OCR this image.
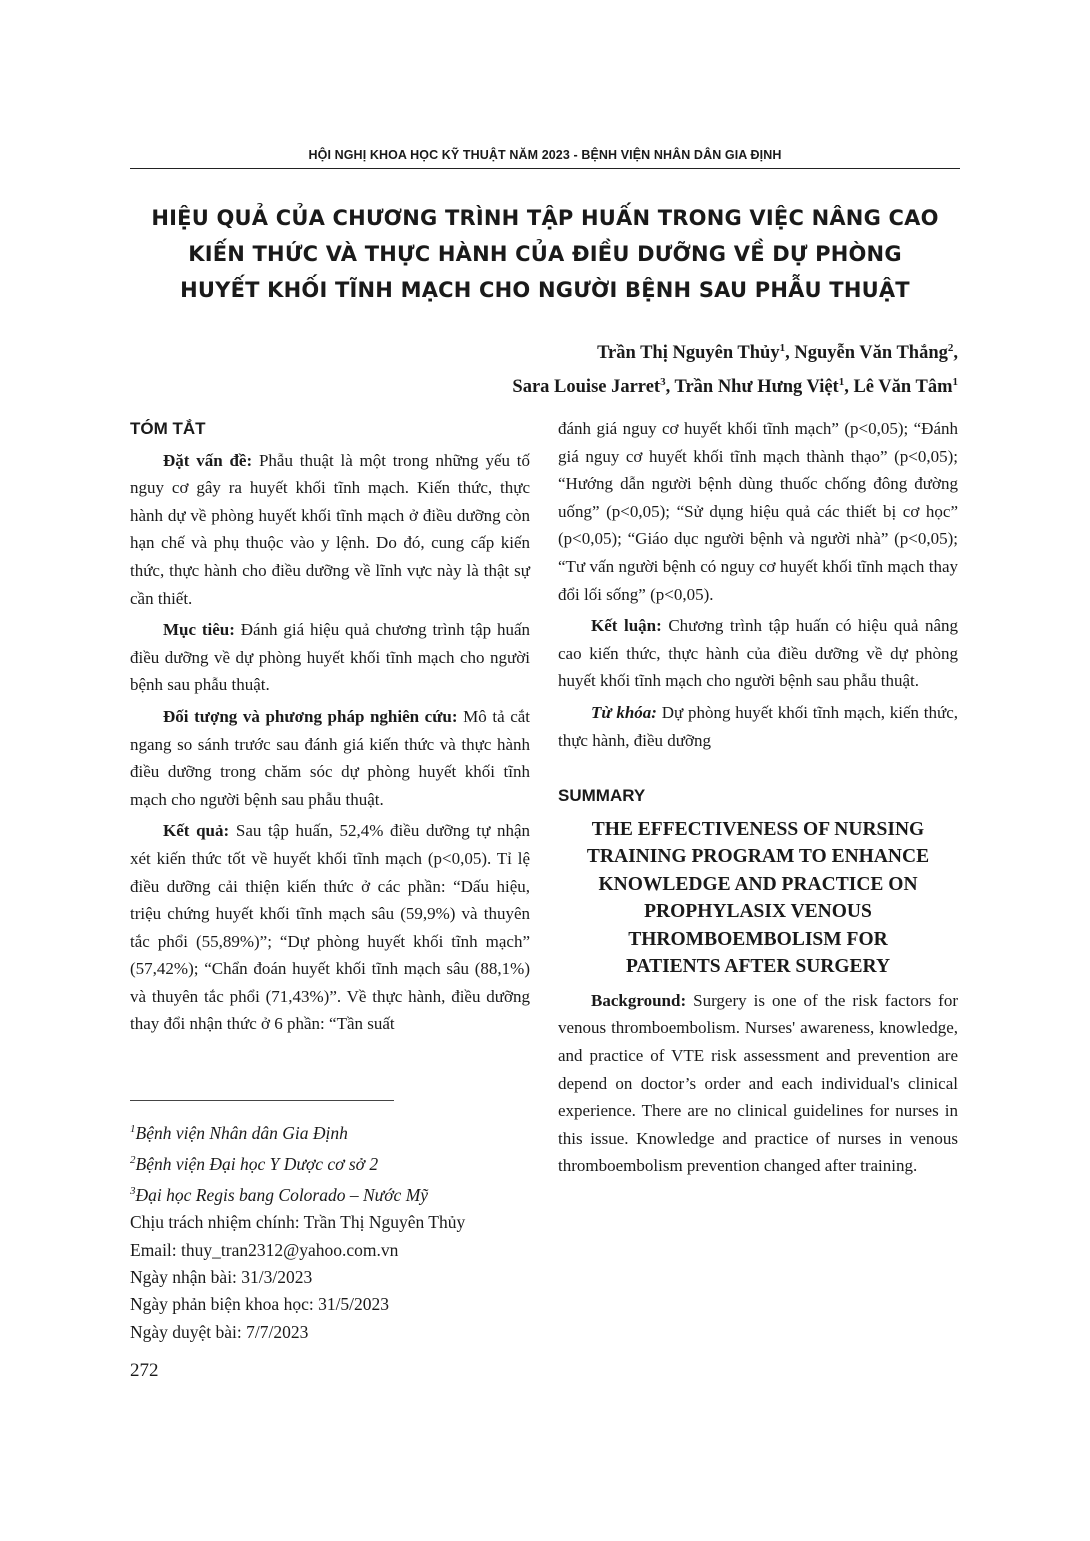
HỘI NGHỊ KHOA HỌC KỸ THUẬT NĂM 2023 - BỆNH VIỆN NHÂN DÂN GIA ĐỊNH
HIỆU QUẢ CỦA CHƯƠNG TRÌNH TẬP HUẤN TRONG VIỆC NÂNG CAO
KIẾN THỨC VÀ THỰC HÀNH CỦA ĐIỀU DƯỠNG VỀ DỰ PHÒNG
HUYẾT KHỐI TĨNH MẠCH CHO NGƯỜI BỆNH SAU PHẪU THUẬT
Trần Thị Nguyên Thủy$^1$, Nguyễn Văn Thắng$^2$,
Sara Louise Jarret$^3$, Trần Như Hưng Việt$^1$, Lê Văn Tâm$^1$
TÓM TẮT

Đặt vấn đề: Phẫu thuật là một trong những yếu tố nguy cơ gây ra huyết khối tĩnh mạch. Kiến thức, thực hành dự về phòng huyết khối tĩnh mạch ở điều dưỡng còn hạn chế và phụ thuộc vào y lệnh. Do đó, cung cấp kiến thức, thực hành cho điều dưỡng về lĩnh vực này là thật sự cần thiết.

Mục tiêu: Đánh giá hiệu quả chương trình tập huấn điều dưỡng về dự phòng huyết khối tĩnh mạch cho người bệnh sau phẫu thuật.

Đối tượng và phương pháp nghiên cứu: Mô tả cắt ngang so sánh trước sau đánh giá kiến thức và thực hành điều dưỡng trong chăm sóc dự phòng huyết khối tĩnh mạch cho người bệnh sau phẫu thuật.

Kết quả: Sau tập huấn, 52,4% điều dưỡng tự nhận xét kiến thức tốt về huyết khối tĩnh mạch (p<0,05). Tỉ lệ điều dưỡng cải thiện kiến thức ở các phần: “Dấu hiệu, triệu chứng huyết khối tĩnh mạch sâu (59,9%) và thuyên tắc phổi (55,89%)”; “Dự phòng huyết khối tĩnh mạch” (57,42%); “Chẩn đoán huyết khối tĩnh mạch sâu (88,1%) và thuyên tắc phổi (71,43%)”. Về thực hành, điều dưỡng thay đổi nhận thức ở 6 phần: “Tần suất

đánh giá nguy cơ huyết khối tĩnh mạch” (p<0,05); “Đánh giá nguy cơ huyết khối tĩnh mạch thành thạo” (p<0,05); “Hướng dẫn người bệnh dùng thuốc chống đông đường uống” (p<0,05); “Sử dụng hiệu quả các thiết bị cơ học” (p<0,05); “Giáo dục người bệnh và người nhà” (p<0,05); “Tư vấn người bệnh có nguy cơ huyết khối tĩnh mạch thay đổi lối sống” (p<0,05).

Kết luận: Chương trình tập huấn có hiệu quả nâng cao kiến thức, thực hành của điều dưỡng về dự phòng huyết khối tĩnh mạch cho người bệnh sau phẫu thuật.

Từ khóa: Dự phòng huyết khối tĩnh mạch, kiến thức, thực hành, điều dưỡng

SUMMARY
THE EFFECTIVENESS OF NURSING
TRAINING PROGRAM TO ENHANCE
KNOWLEDGE AND PRACTICE ON
PROPHYLASIX VENOUS
THROMBOEMBOLISM FOR
PATIENTS AFTER SURGERY

Background: Surgery is one of the risk factors for venous thromboembolism. Nurses' awareness, knowledge, and practice of VTE risk assessment and prevention are depend on doctor’s order and each individual's clinical experience. There are no clinical guidelines for nurses in this issue. Knowledge and practice of nurses in venous thromboembolism prevention changed after training.

$^1$Bệnh viện Nhân dân Gia Định
$^2$Bệnh viện Đại học Y Dược cơ sở 2
$^3$Đại học Regis bang Colorado – Nước Mỹ
Chịu trách nhiệm chính: Trần Thị Nguyên Thủy
Email: thuy_tran2312@yahoo.com.vn
Ngày nhận bài: 31/3/2023
Ngày phản biện khoa học: 31/5/2023
Ngày duyệt bài: 7/7/2023
272
